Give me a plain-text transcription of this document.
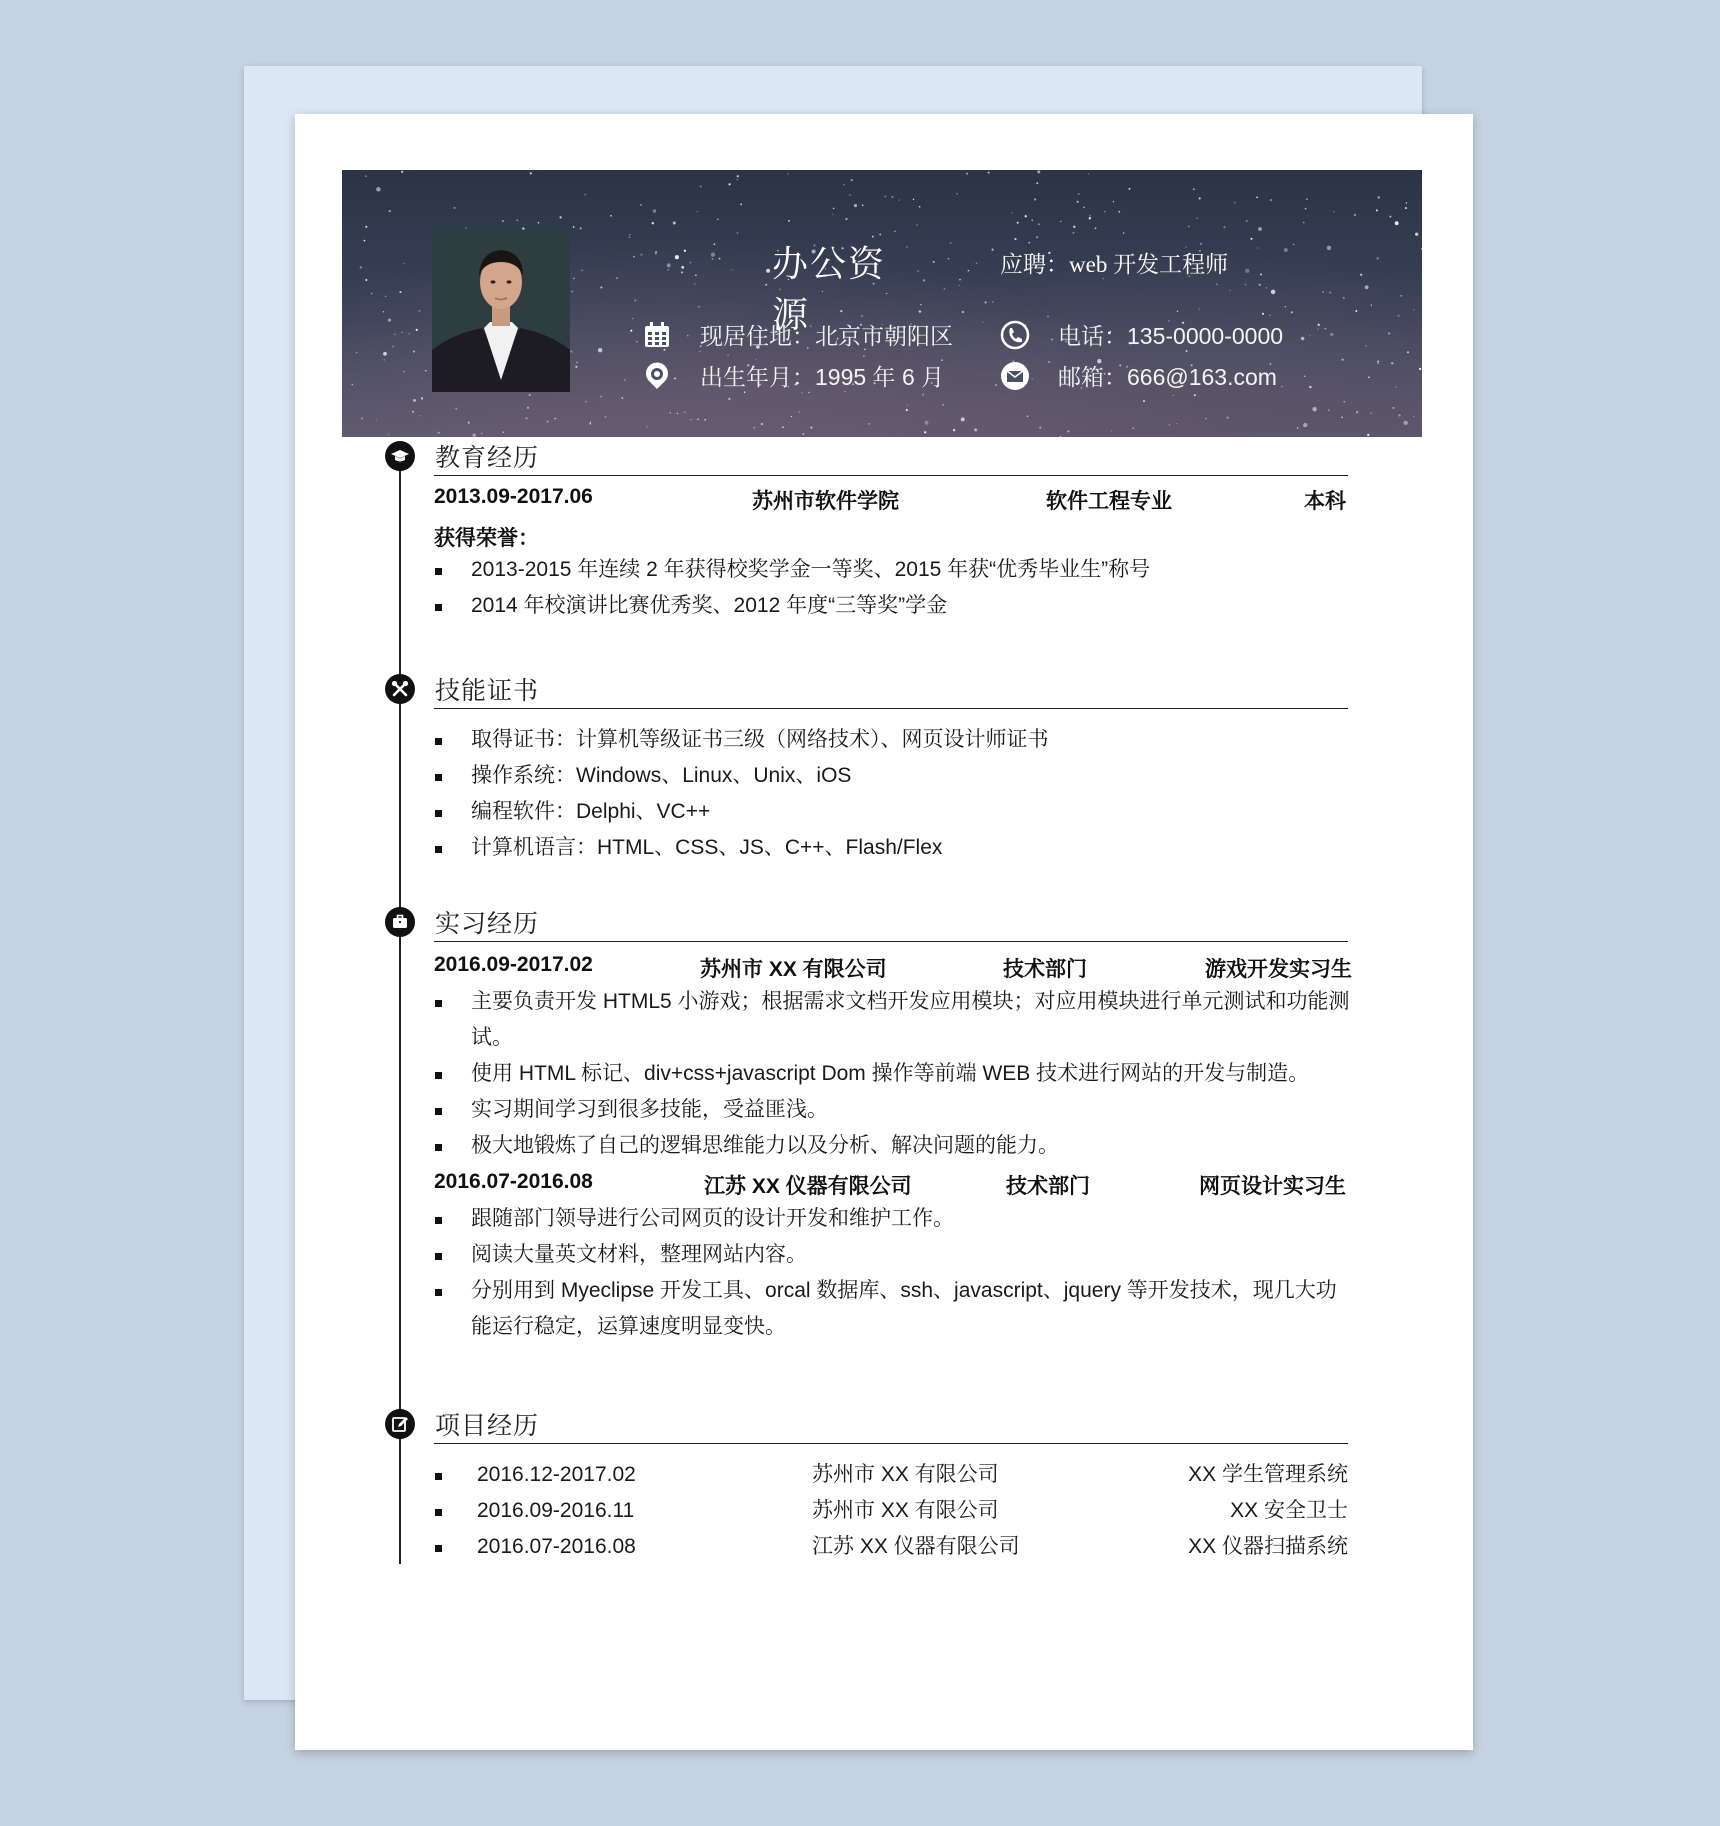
办公资源
应聘：web 开发工程师
现居住地：北京市朝阳区	电话：135-0000-0000
出生年月：1995 年 6 月	邮箱：666@163.com
教育经历
2013.09-2017.06	苏州市软件学院	软件工程专业	本科
获得荣誉：
2013-2015 年连续 2 年获得校奖学金一等奖、2015 年获“优秀毕业生”称号
2014 年校演讲比赛优秀奖、2012 年度“三等奖”学金
技能证书
取得证书：计算机等级证书三级（网络技术）、网页设计师证书
操作系统：Windows、Linux、Unix、iOS
编程软件：Delphi、VC++
计算机语言：HTML、CSS、JS、C++、Flash/Flex
实习经历
2016.09-2017.02	苏州市 XX 有限公司	技术部门	游戏开发实习生
主要负责开发 HTML5 小游戏；根据需求文档开发应用模块；对应用模块进行单元测试和功能测试。
使用 HTML 标记、div+css+javascript Dom 操作等前端 WEB 技术进行网站的开发与制造。
实习期间学习到很多技能，受益匪浅。
极大地锻炼了自己的逻辑思维能力以及分析、解决问题的能力。
2016.07-2016.08	江苏 XX 仪器有限公司	技术部门	网页设计实习生
跟随部门领导进行公司网页的设计开发和维护工作。
阅读大量英文材料，整理网站内容。
分别用到 Myeclipse 开发工具、orcal 数据库、ssh、javascript、jquery 等开发技术，现几大功能运行稳定，运算速度明显变快。
项目经历
2016.12-2017.02	苏州市 XX 有限公司	XX 学生管理系统
2016.09-2016.11	苏州市 XX 有限公司	XX 安全卫士
2016.07-2016.08	江苏 XX 仪器有限公司	XX 仪器扫描系统
